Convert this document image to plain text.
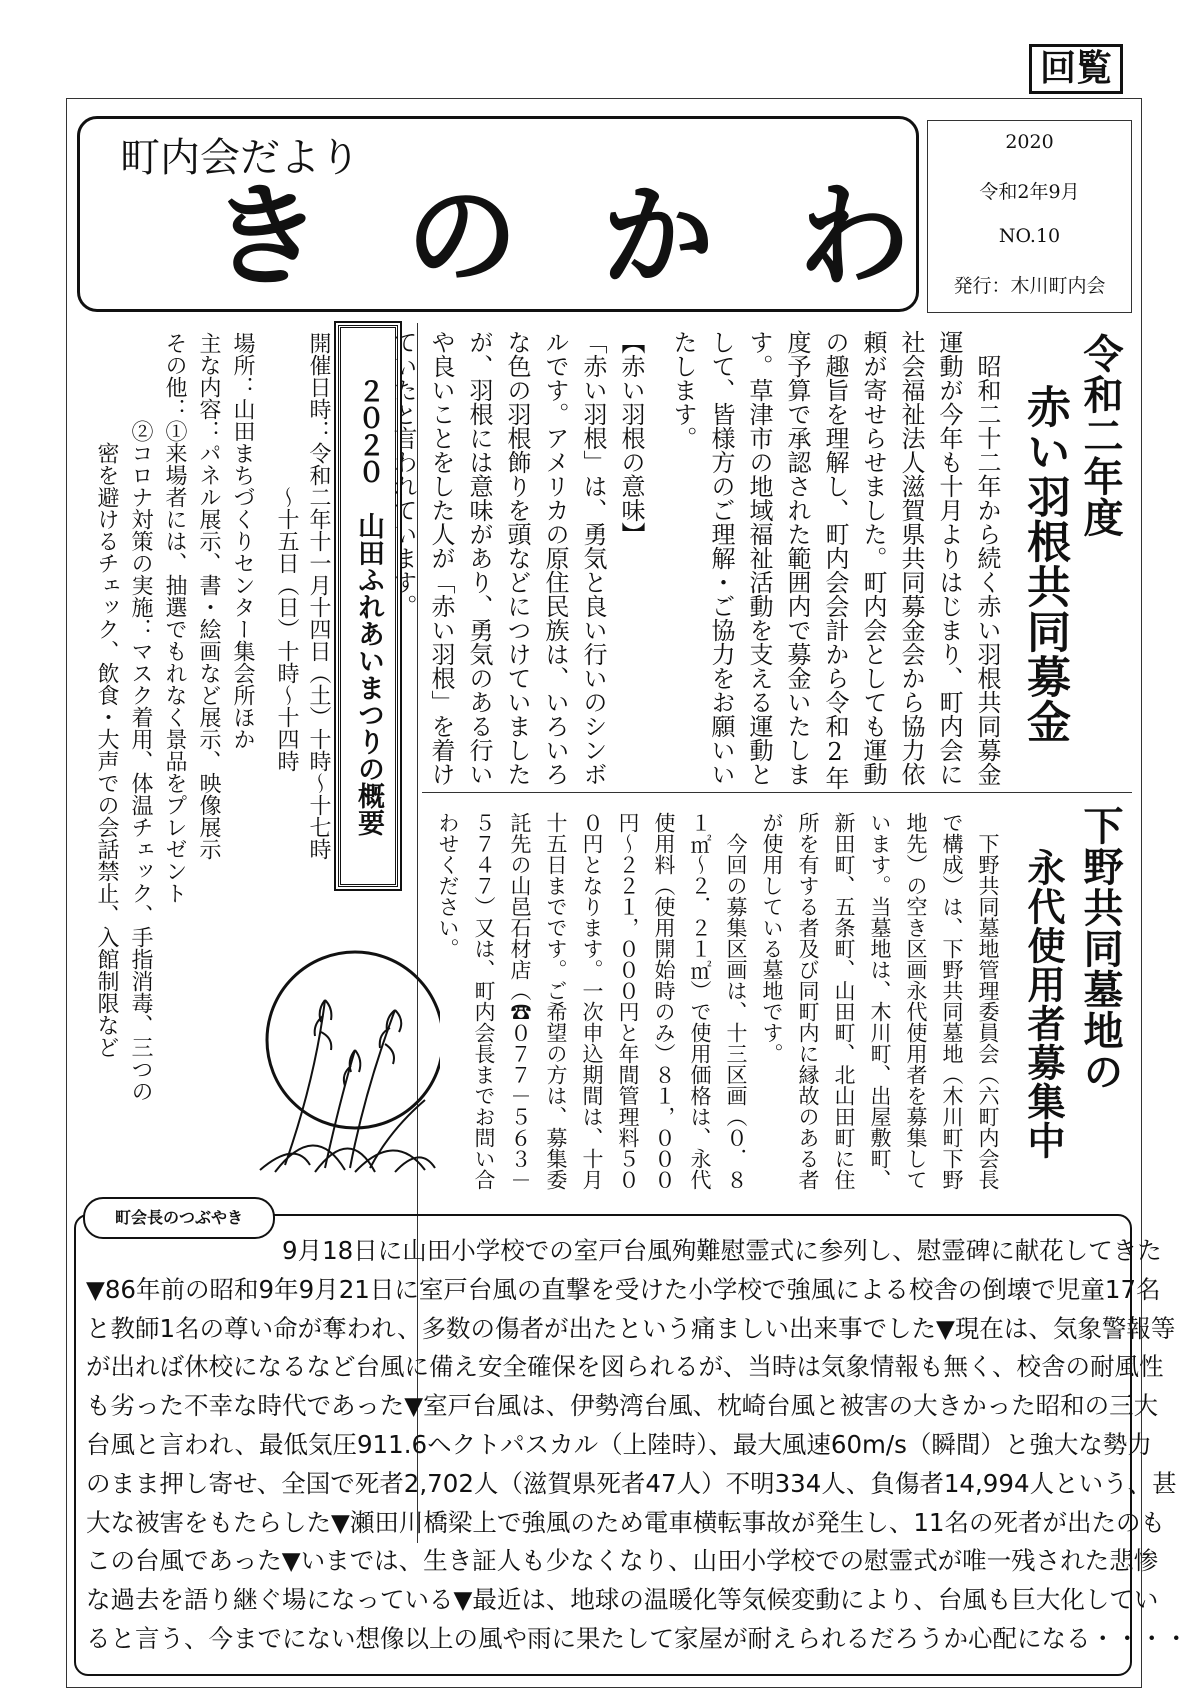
回覧
町内会だより
き の か わ
2020
令和2年9月
NO.10
発行：木川町内会
令和二年度
赤い羽根共同募金
　昭和二十二年から続く赤い羽根共同募金
運動が今年も十月よりはじまり、町内会に
社会福祉法人滋賀県共同募金会から協力依
頼が寄せらせました。町内会としても運動
の趣旨を理解し、町内会会計から令和2年
度予算で承認された範囲内で募金いたしま
す。草津市の地域福祉活動を支える運動と
して、皆様方のご理解・ご協力をお願いい
たします。
【赤い羽根の意味】
「赤い羽根」は、勇気と良い行いのシンボ
ルです。アメリカの原住民族は、いろいろ
な色の羽根飾りを頭などにつけていました
が、羽根には意味があり、勇気のある行い
や良いことをした人が「赤い羽根」を着け
ていたと言われています。
下野共同墓地の
永代使用者募集中
　下野共同墓地管理委員会（六町内会長
で構成）は、下野共同墓地（木川町下野
地先）の空き区画永代使用者を募集して
います。当墓地は、木川町、出屋敷町、
新田町、五条町、山田町、北山田町に住
所を有する者及び同町内に縁故のある者
が使用している墓地です。
　今回の募集区画は、十三区画（０．８
１㎡～２．２１㎡）で使用価格は、永代
使用料（使用開始時のみ）８１，０００
円～２２１，０００円と年間管理料５０
０円となります。一次申込期間は、十月
十五日までです。ご希望の方は、募集委
託先の山邑石材店（☎０７７－５６３－
５７４７）又は、町内会長までお問い合
わせください。
２０２０　山田ふれあいまつりの概要
開催日時：令和二年十一月十四日（土）十時～十七時
　　　　　　　～十五日（日）十時～十四時
場所：山田まちづくりセンター集会所ほか
主な内容：パネル展示、書・絵画など展示、映像展示
その他：①来場者には、抽選でもれなく景品をプレゼント
　　　　②コロナ対策の実施：マスク着用、体温チェック、手指消毒、三つの
　　　　　密を避けるチェック、飲食・大声での会話禁止、入館制限など
町会長のつぶやき
　　　　　　　　9月18日に山田小学校での室戸台風殉難慰霊式に参列し、慰霊碑に献花してきた
▼86年前の昭和9年9月21日に室戸台風の直撃を受けた小学校で強風による校舎の倒壊で児童17名
と教師1名の尊い命が奪われ、多数の傷者が出たという痛ましい出来事でした▼現在は、気象警報等
が出れば休校になるなど台風に備え安全確保を図られるが、当時は気象情報も無く、校舎の耐風性
も劣った不幸な時代であった▼室戸台風は、伊勢湾台風、枕崎台風と被害の大きかった昭和の三大
台風と言われ、最低気圧911.6ヘクトパスカル（上陸時）、最大風速60m/s（瞬間）と強大な勢力
のまま押し寄せ、全国で死者2,702人（滋賀県死者47人）不明334人、負傷者14,994人という、甚
大な被害をもたらした▼瀬田川橋梁上で強風のため電車横転事故が発生し、11名の死者が出たのも
この台風であった▼いまでは、生き証人も少なくなり、山田小学校での慰霊式が唯一残された悲惨
な過去を語り継ぐ場になっている▼最近は、地球の温暖化等気候変動により、台風も巨大化してい
ると言う、今までにない想像以上の風や雨に果たして家屋が耐えられるだろうか心配になる・・・・
